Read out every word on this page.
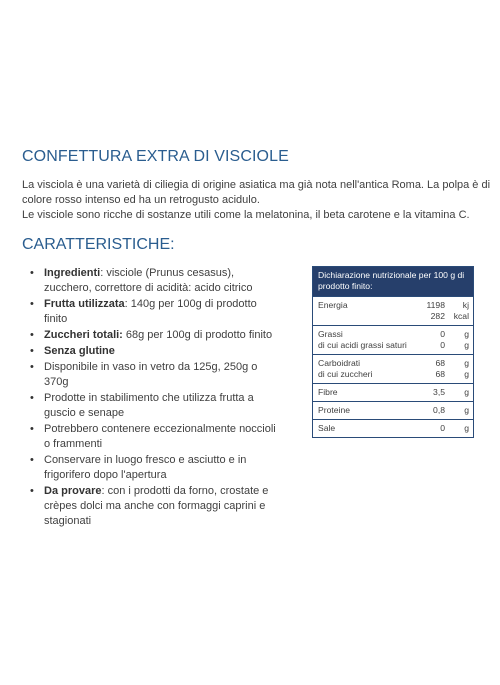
CONFETTURA EXTRA DI VISCIOLE

La visciola è una varietà di ciliegia di origine asiatica ma già nota nell'antica Roma. La polpa è di colore rosso intenso ed ha un retrogusto acidulo.

Le visciole sono ricche di sostanze utili come la melatonina, il beta carotene e la vitamina C.

CARATTERISTICHE:
• Ingredienti: visciole (Prunus cesasus), zucchero, correttore di acidità: acido citrico
• Frutta utilizzata: 140g per 100g di prodotto finito
• Zuccheri totali: 68g per 100g di prodotto finito
• Senza glutine
• Disponibile in vaso in vetro da 125g, 250g o 370g
• Prodotte in stabilimento che utilizza frutta a guscio e senape
• Potrebbero contenere eccezionalmente noccioli o frammenti
• Conservare in luogo fresco e asciutto e in frigorifero dopo l'apertura
• Da provare: con i prodotti da forno, crostate e crèpes dolci ma anche con formaggi caprini e stagionati
Dichiarazione nutrizionale per 100 g di prodotto finito:
Energia	1198 kj
282 kcal
Grassi	0 g
di cui acidi grassi saturi	0 g
Carboidrati	68 g
di cui zuccheri	68 g
Fibre	3,5 g
Proteine	0,8 g
Sale	0 g
